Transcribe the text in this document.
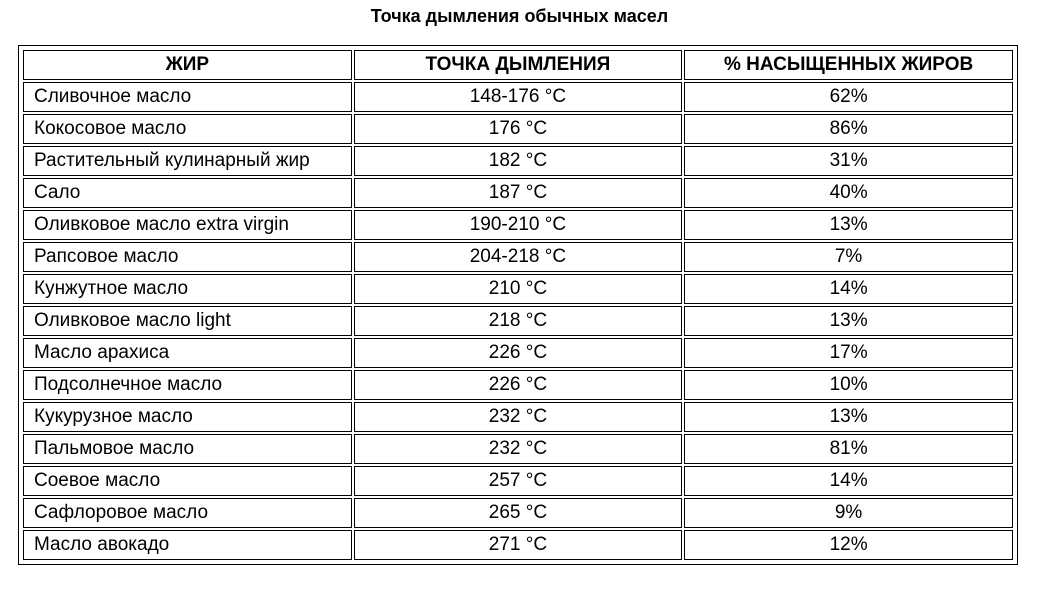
Точка дымления обычных масел
ЖИР	ТОЧКА ДЫМЛЕНИЯ	% НАСЫЩЕННЫХ ЖИРОВ
Сливочное масло	148-176 °C	62%
Кокосовое масло	176 °C	86%
Растительный кулинарный жир	182 °C	31%
Сало	187 °C	40%
Оливковое масло extra virgin	190-210 °C	13%
Рапсовое масло	204-218 °C	7%
Кунжутное масло	210 °C	14%
Оливковое масло light	218 °C	13%
Масло арахиса	226 °C	17%
Подсолнечное масло	226 °C	10%
Кукурузное масло	232 °C	13%
Пальмовое масло	232 °C	81%
Соевое масло	257 °C	14%
Сафлоровое масло	265 °C	9%
Масло авокадо	271 °C	12%
